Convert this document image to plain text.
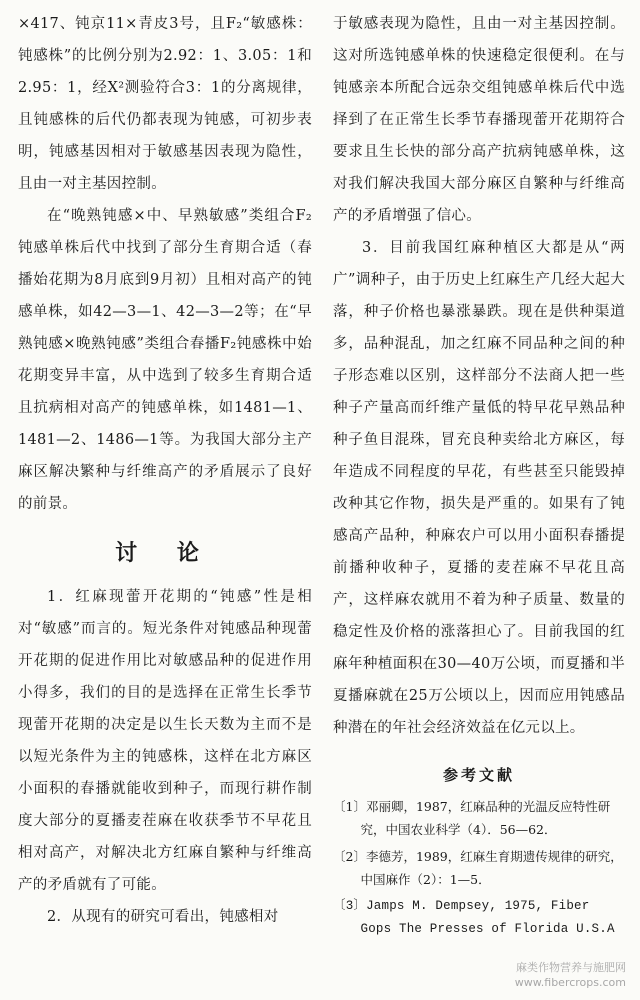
×417、钝京11×青皮3号，且F₂“敏感株：钝感株”的比例分别为2.92：1、3.05：1和2.95：1，经X²测验符合3：1的分离规律，且钝感株的后代仍都表现为钝感，可初步表明，钝感基因相对于敏感基因表现为隐性，且由一对主基因控制。

在“晚熟钝感×中、早熟敏感”类组合F₂钝感单株后代中找到了部分生育期合适（春播始花期为8月底到9月初）且相对高产的钝感单株，如42—3—1、42—3—2等；在“早熟钝感×晚熟钝感”类组合春播F₂钝感株中始花期变异丰富，从中选到了较多生育期合适且抗病相对高产的钝感单株，如1481—1、1481—2、1486—1等。为我国大部分主产麻区解决繁种与纤维高产的矛盾展示了良好的前景。

讨 论

1．红麻现蕾开花期的“钝感”性是相对“敏感”而言的。短光条件对钝感品种现蕾开花期的促进作用比对敏感品种的促进作用小得多，我们的目的是选择在正常生长季节现蕾开花期的决定是以生长天数为主而不是以短光条件为主的钝感株，这样在北方麻区小面积的春播就能收到种子，而现行耕作制度大部分的夏播麦茬麻在收获季节不早花且相对高产，对解决北方红麻自繁种与纤维高产的矛盾就有了可能。

2．从现有的研究可看出，钝感相对

于敏感表现为隐性，且由一对主基因控制。这对所选钝感单株的快速稳定很便利。在与钝感亲本所配合远杂交组钝感单株后代中选择到了在正常生长季节春播现蕾开花期符合要求且生长快的部分高产抗病钝感单株，这对我们解决我国大部分麻区自繁种与纤维高产的矛盾增强了信心。

3．目前我国红麻种植区大都是从“两广”调种子，由于历史上红麻生产几经大起大落，种子价格也暴涨暴跌。现在是供种渠道多，品种混乱，加之红麻不同品种之间的种子形态难以区别，这样部分不法商人把一些种子产量高而纤维产量低的特早花早熟品种种子鱼目混珠，冒充良种卖给北方麻区，每年造成不同程度的早花，有些甚至只能毁掉改种其它作物，损失是严重的。如果有了钝感高产品种，种麻农户可以用小面积春播提前播种收种子，夏播的麦茬麻不早花且高产，这样麻农就用不着为种子质量、数量的稳定性及价格的涨落担心了。目前我国的红麻年种植面积在30—40万公顷，而夏播和半夏播麻就在25万公顷以上，因而应用钝感品种潜在的年社会经济效益在亿元以上。

参考文献

〔1〕邓丽卿，1987，红麻品种的光温反应特性研究，中国农业科学（4）．56—62．

〔2〕李德芳，1989，红麻生育期遗传规律的研究，中国麻作（2）：1—5．

〔3〕Jamps M. Dempsey, 1975, Fiber Gops The Presses of Florida U.S.A

麻类作物营养与施肥网
www.fibercrops.com
